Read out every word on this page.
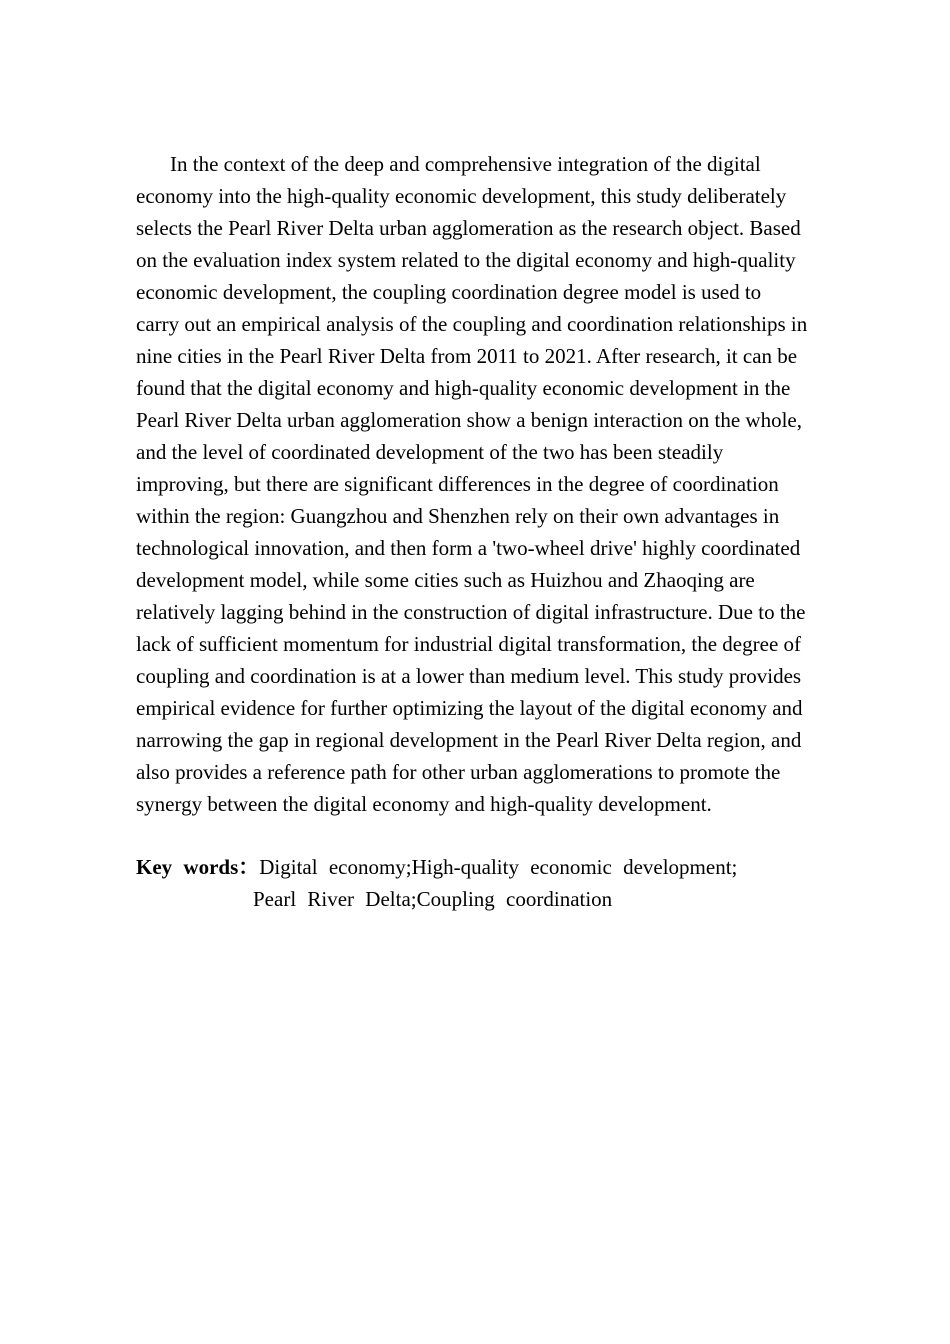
In the context of the deep and comprehensive integration of the digital
economy into the high-quality economic development, this study deliberately
selects the Pearl River Delta urban agglomeration as the research object. Based
on the evaluation index system related to the digital economy and high-quality
economic development, the coupling coordination degree model is used to
carry out an empirical analysis of the coupling and coordination relationships in
nine cities in the Pearl River Delta from 2011 to 2021. After research, it can be
found that the digital economy and high-quality economic development in the
Pearl River Delta urban agglomeration show a benign interaction on the whole,
and the level of coordinated development of the two has been steadily
improving, but there are significant differences in the degree of coordination
within the region: Guangzhou and Shenzhen rely on their own advantages in
technological innovation, and then form a 'two-wheel drive' highly coordinated
development model, while some cities such as Huizhou and Zhaoqing are
relatively lagging behind in the construction of digital infrastructure. Due to the
lack of sufficient momentum for industrial digital transformation, the degree of
coupling and coordination is at a lower than medium level. This study provides
empirical evidence for further optimizing the layout of the digital economy and
narrowing the gap in regional development in the Pearl River Delta region, and
also provides a reference path for other urban agglomerations to promote the
synergy between the digital economy and high-quality development.
Key words：Digital economy;High-quality economic development;
Pearl River Delta;Coupling coordination
